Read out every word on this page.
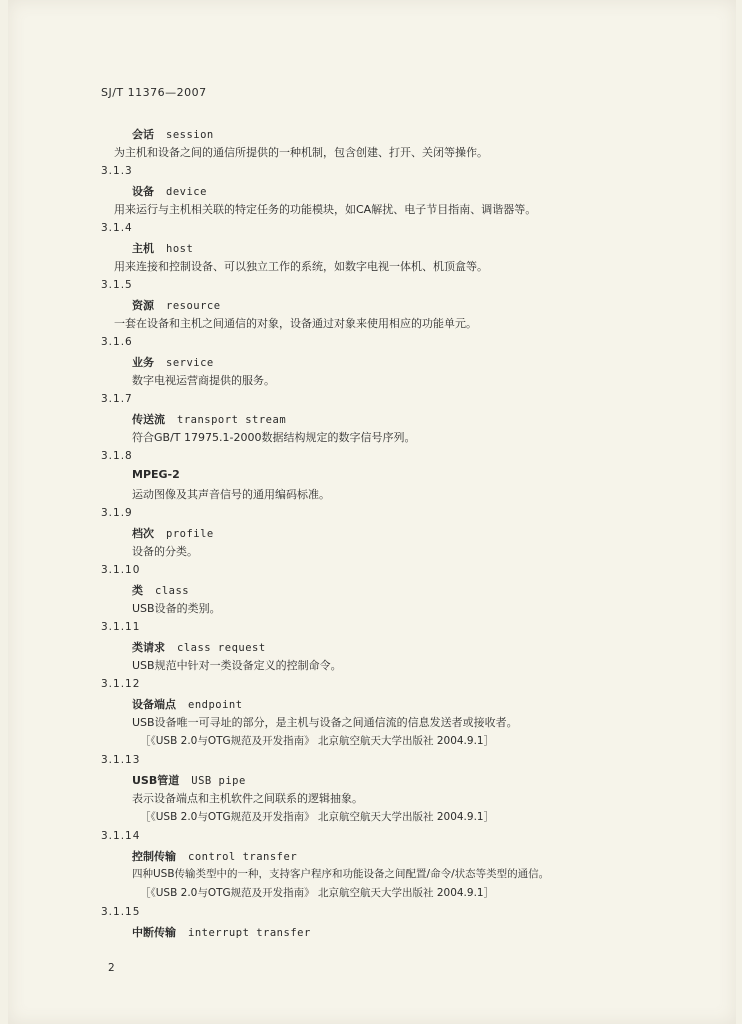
SJ/T 11376—2007
会话 session
为主机和设备之间的通信所提供的一种机制，包含创建、打开、关闭等操作。
3.1.3
设备 device
用来运行与主机相关联的特定任务的功能模块，如CA解扰、电子节目指南、调谐器等。
3.1.4
主机 host
用来连接和控制设备、可以独立工作的系统，如数字电视一体机、机顶盒等。
3.1.5
资源 resource
一套在设备和主机之间通信的对象，设备通过对象来使用相应的功能单元。
3.1.6
业务 service
数字电视运营商提供的服务。
3.1.7
传送流 transport stream
符合GB/T 17975.1-2000数据结构规定的数字信号序列。
3.1.8
MPEG-2
运动图像及其声音信号的通用编码标准。
3.1.9
档次 profile
设备的分类。
3.1.10
类 class
USB设备的类别。
3.1.11
类请求 class request
USB规范中针对一类设备定义的控制命令。
3.1.12
设备端点 endpoint
USB设备唯一可寻址的部分，是主机与设备之间通信流的信息发送者或接收者。
［《USB 2.0与OTG规范及开发指南》 北京航空航天大学出版社 2004.9.1］
3.1.13
USB管道 USB pipe
表示设备端点和主机软件之间联系的逻辑抽象。
［《USB 2.0与OTG规范及开发指南》 北京航空航天大学出版社 2004.9.1］
3.1.14
控制传输 control transfer
四种USB传输类型中的一种，支持客户程序和功能设备之间配置/命令/状态等类型的通信。
［《USB 2.0与OTG规范及开发指南》 北京航空航天大学出版社 2004.9.1］
3.1.15
中断传输 interrupt transfer
2
